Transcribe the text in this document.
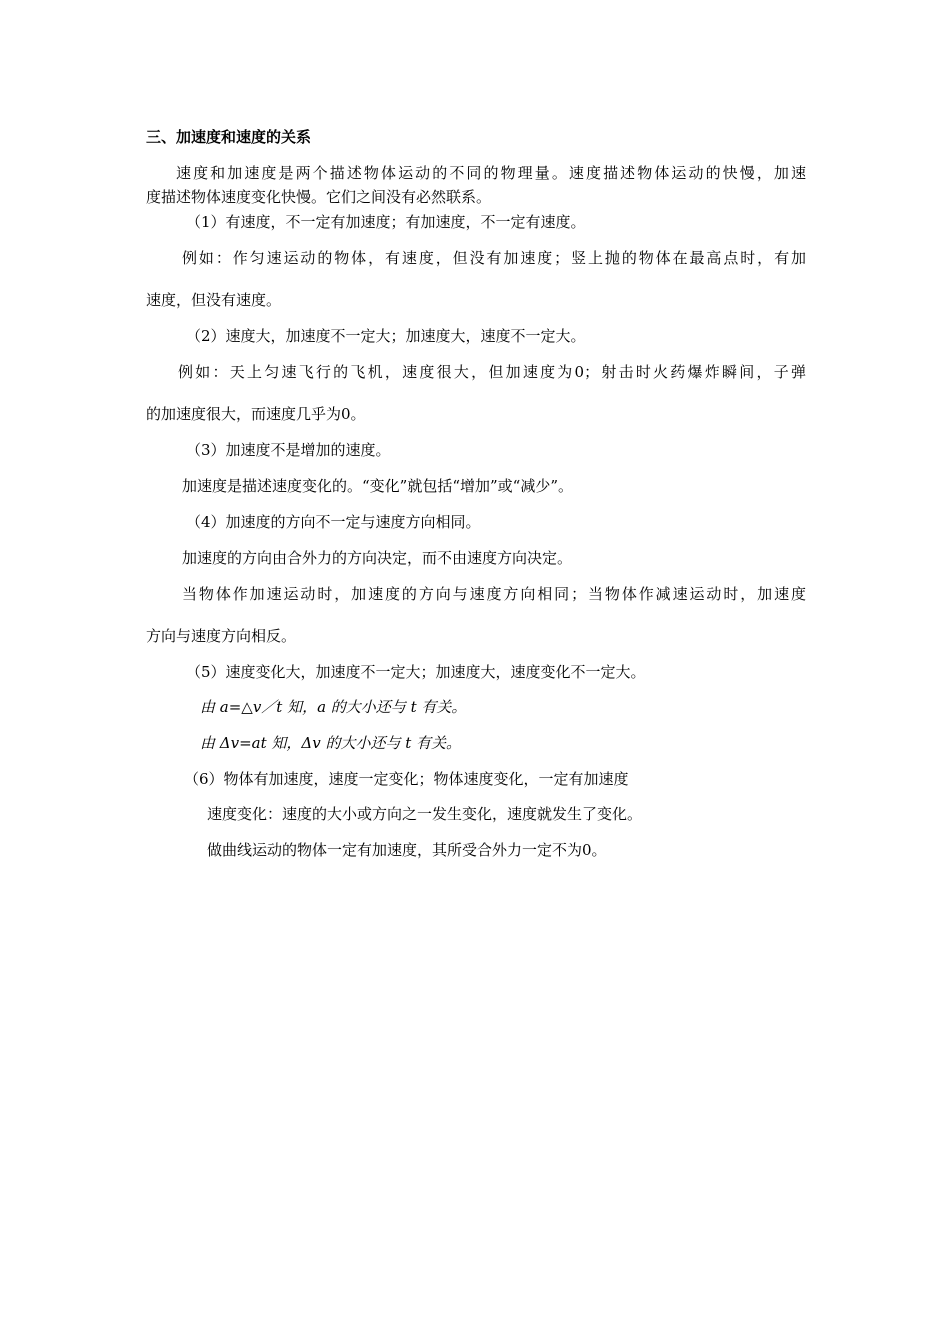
三、加速度和速度的关系
速度和加速度是两个描述物体运动的不同的物理量。速度描述物体运动的快慢，加速
度描述物体速度变化快慢。它们之间没有必然联系。
（1）有速度，不一定有加速度；有加速度，不一定有速度。
例如：作匀速运动的物体，有速度，但没有加速度；竖上抛的物体在最高点时，有加
速度，但没有速度。
（2）速度大，加速度不一定大；加速度大，速度不一定大。
例如：天上匀速飞行的飞机，速度很大，但加速度为0；射击时火药爆炸瞬间，子弹
的加速度很大，而速度几乎为0。
（3）加速度不是增加的速度。
加速度是描述速度变化的。“变化”就包括“增加”或“减少”。
（4）加速度的方向不一定与速度方向相同。
加速度的方向由合外力的方向决定，而不由速度方向决定。
当物体作加速运动时，加速度的方向与速度方向相同；当物体作减速运动时，加速度
方向与速度方向相反。
（5）速度变化大，加速度不一定大；加速度大，速度变化不一定大。
由 a=△v／t 知，a 的大小还与 t 有关。
由 Δv=at 知，Δv 的大小还与 t 有关。
（6）物体有加速度，速度一定变化；物体速度变化，一定有加速度
速度变化：速度的大小或方向之一发生变化，速度就发生了变化。
做曲线运动的物体一定有加速度，其所受合外力一定不为0。
